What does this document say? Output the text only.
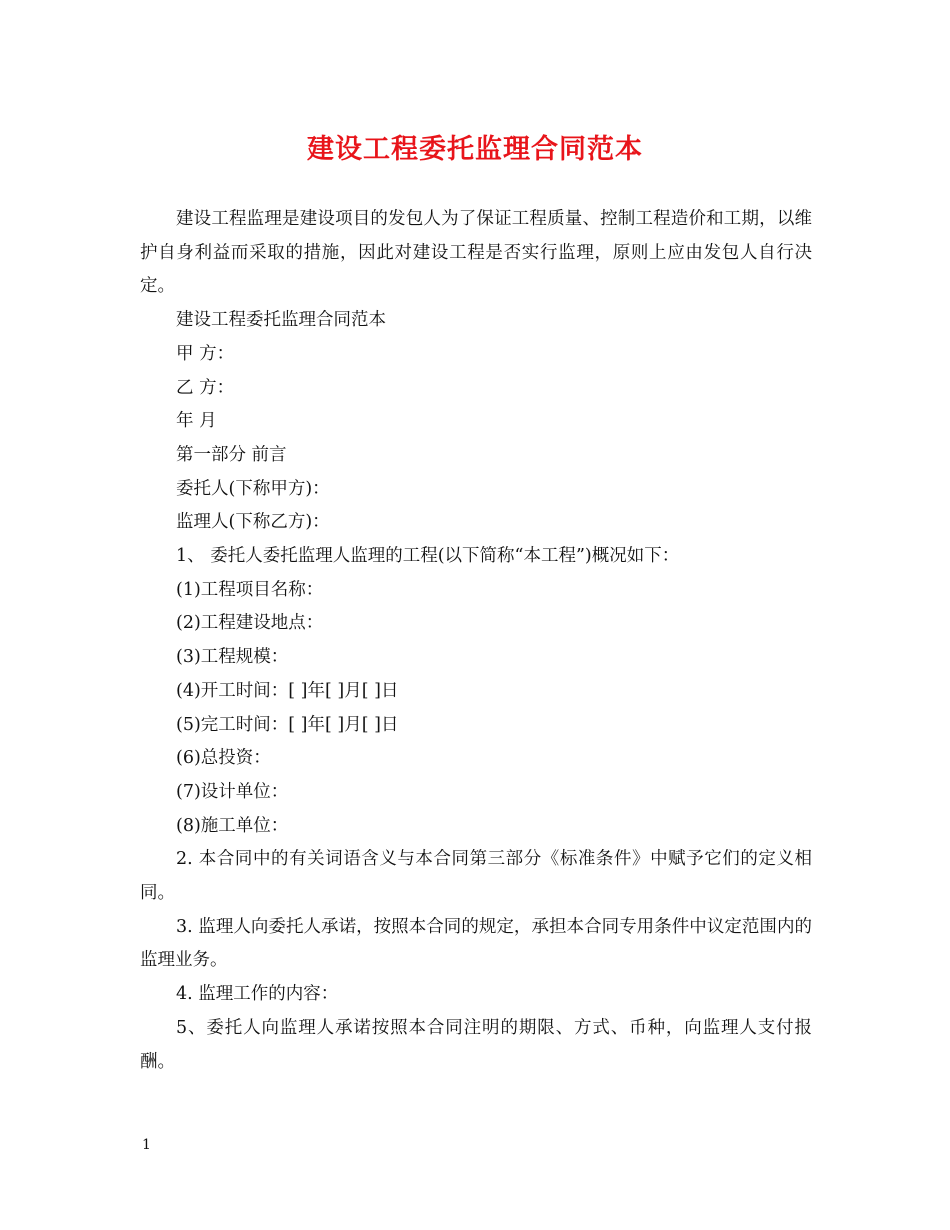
建设工程委托监理合同范本

建设工程监理是建设项目的发包人为了保证工程质量、控制工程造价和工期，以维护自身利益而采取的措施，因此对建设工程是否实行监理，原则上应由发包人自行决定。

建设工程委托监理合同范本

甲 方：

乙 方：

年 月

第一部分 前言

委托人(下称甲方)：

监理人(下称乙方)：

1、 委托人委托监理人监理的工程(以下简称“本工程”)概况如下：

(1)工程项目名称：

(2)工程建设地点：

(3)工程规模：

(4)开工时间：[ ]年[ ]月[ ]日

(5)完工时间：[ ]年[ ]月[ ]日

(6)总投资：

(7)设计单位：

(8)施工单位：

2. 本合同中的有关词语含义与本合同第三部分《标准条件》中赋予它们的定义相同。

3. 监理人向委托人承诺，按照本合同的规定，承担本合同专用条件中议定范围内的监理业务。

4. 监理工作的内容：

5、委托人向监理人承诺按照本合同注明的期限、方式、币种，向监理人支付报酬。

1
